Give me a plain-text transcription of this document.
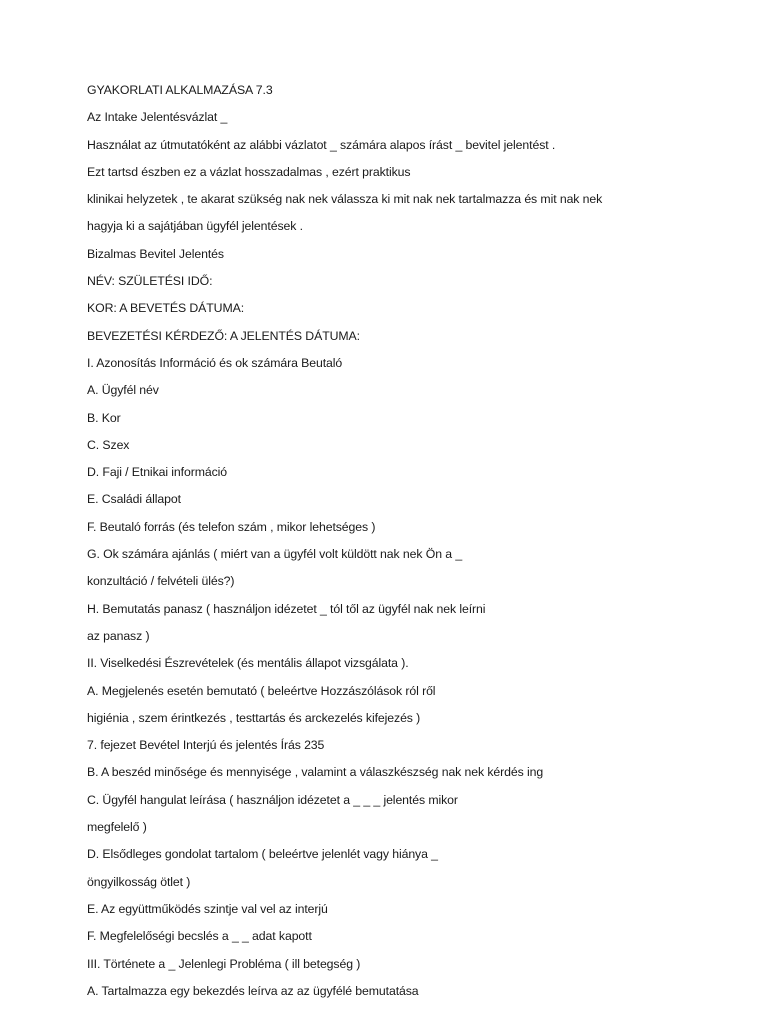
GYAKORLATI ALKALMAZÁSA 7.3
Az Intake Jelentésvázlat _
Használat az útmutatóként az alábbi vázlatot _ számára alapos írást _ bevitel jelentést .
Ezt tartsd észben ez a vázlat hosszadalmas , ezért praktikus
klinikai helyzetek , te akarat szükség nak nek válassza ki mit nak nek tartalmazza és mit nak nek
hagyja ki a sajátjában ügyfél jelentések .
Bizalmas Bevitel Jelentés
NÉV: SZÜLETÉSI IDŐ:
KOR: A BEVETÉS DÁTUMA:
BEVEZETÉSI KÉRDEZŐ: A JELENTÉS DÁTUMA:
I. Azonosítás Információ és ok számára Beutaló
A. Ügyfél név
B. Kor
C. Szex
D. Faji / Etnikai információ
E. Családi állapot
F. Beutaló forrás (és telefon szám , mikor lehetséges )
G. Ok számára ajánlás ( miért van a ügyfél volt küldött nak nek Ön a _
konzultáció / felvételi ülés?)
H. Bemutatás panasz ( használjon idézetet _ tól től az ügyfél nak nek leírni
az panasz )
II. Viselkedési Észrevételek (és mentális állapot vizsgálata ).
A. Megjelenés esetén bemutató ( beleértve Hozzászólások ról ről
higiénia , szem érintkezés , testtartás és arckezelés kifejezés )
7. fejezet Bevétel Interjú és jelentés Írás 235
B. A beszéd minősége és mennyisége , valamint a válaszkészség nak nek kérdés ing
C. Ügyfél hangulat leírása ( használjon idézetet a _ _ _ jelentés mikor
megfelelő )
D. Elsődleges gondolat tartalom ( beleértve jelenlét vagy hiánya _
öngyilkosság ötlet )
E. Az együttműködés szintje val vel az interjú
F. Megfelelőségi becslés a _ _ adat kapott
III. Története a _ Jelenlegi Probléma ( ill betegség )
A. Tartalmazza egy bekezdés leírva az az ügyfélé bemutatása
